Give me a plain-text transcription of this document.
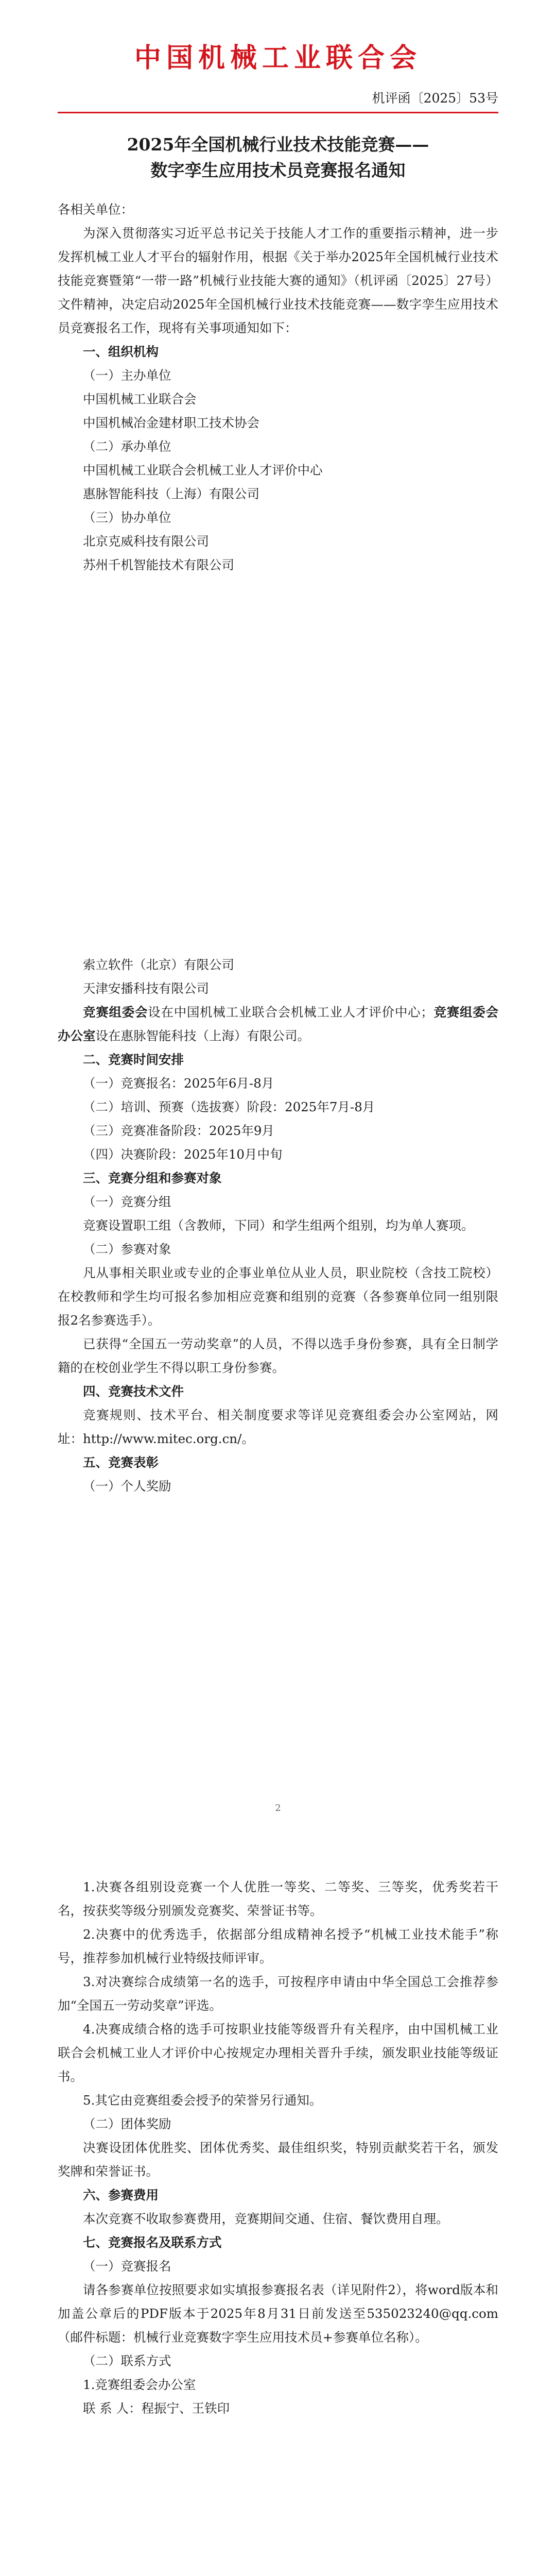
中国机械工业联合会
机评函〔2025〕53号
2025年全国机械行业技术技能竞赛——
数字孪生应用技术员竞赛报名通知

各相关单位：

为深入贯彻落实习近平总书记关于技能人才工作的重要指示精神，进一步发挥机械工业人才平台的辐射作用，根据《关于举办2025年全国机械行业技术技能竞赛暨第“一带一路”机械行业技能大赛的通知》（机评函〔2025〕27号）文件精神，决定启动2025年全国机械行业技术技能竞赛——数字孪生应用技术员竞赛报名工作，现将有关事项通知如下：

一、组织机构

（一）主办单位

中国机械工业联合会

中国机械冶金建材职工技术协会

（二）承办单位

中国机械工业联合会机械工业人才评价中心

惠脉智能科技（上海）有限公司

（三）协办单位

北京克威科技有限公司

苏州千机智能技术有限公司

索立软件（北京）有限公司

天津安播科技有限公司

竞赛组委会设在中国机械工业联合会机械工业人才评价中心；竞赛组委会办公室设在惠脉智能科技（上海）有限公司。

二、竞赛时间安排

（一）竞赛报名：2025年6月-8月

（二）培训、预赛（选拔赛）阶段：2025年7月-8月

（三）竞赛准备阶段：2025年9月

（四）决赛阶段：2025年10月中旬

三、竞赛分组和参赛对象

（一）竞赛分组

竞赛设置职工组（含教师，下同）和学生组两个组别，均为单人赛项。

（二）参赛对象

凡从事相关职业或专业的企事业单位从业人员，职业院校（含技工院校）在校教师和学生均可报名参加相应竞赛和组别的竞赛（各参赛单位同一组别限报2名参赛选手）。

已获得“全国五一劳动奖章”的人员，不得以选手身份参赛，具有全日制学籍的在校创业学生不得以职工身份参赛。

四、竞赛技术文件

竞赛规则、技术平台、相关制度要求等详见竞赛组委会办公室网站，网址：http://www.mitec.org.cn/。

五、竞赛表彰

（一）个人奖励

2

1.决赛各组别设竞赛一个人优胜一等奖、二等奖、三等奖，优秀奖若干名，按获奖等级分别颁发竞赛奖、荣誉证书等。

2.决赛中的优秀选手，依据部分组成精神名授予“机械工业技术能手”称号，推荐参加机械行业特级技师评审。

3.对决赛综合成绩第一名的选手，可按程序申请由中华全国总工会推荐参加“全国五一劳动奖章”评选。

4.决赛成绩合格的选手可按职业技能等级晋升有关程序，由中国机械工业联合会机械工业人才评价中心按规定办理相关晋升手续，颁发职业技能等级证书。

5.其它由竞赛组委会授予的荣誉另行通知。

（二）团体奖励

决赛设团体优胜奖、团体优秀奖、最佳组织奖，特别贡献奖若干名，颁发奖牌和荣誉证书。

六、参赛费用

本次竞赛不收取参赛费用，竞赛期间交通、住宿、餐饮费用自理。

七、竞赛报名及联系方式

（一）竞赛报名

请各参赛单位按照要求如实填报参赛报名表（详见附件2），将word版本和加盖公章后的PDF版本于2025年8月31日前发送至535023240@qq.com（邮件标题：机械行业竞赛数字孪生应用技术员+参赛单位名称）。

（二）联系方式

1.竞赛组委会办公室

联 系 人：程振宁、王铁印
